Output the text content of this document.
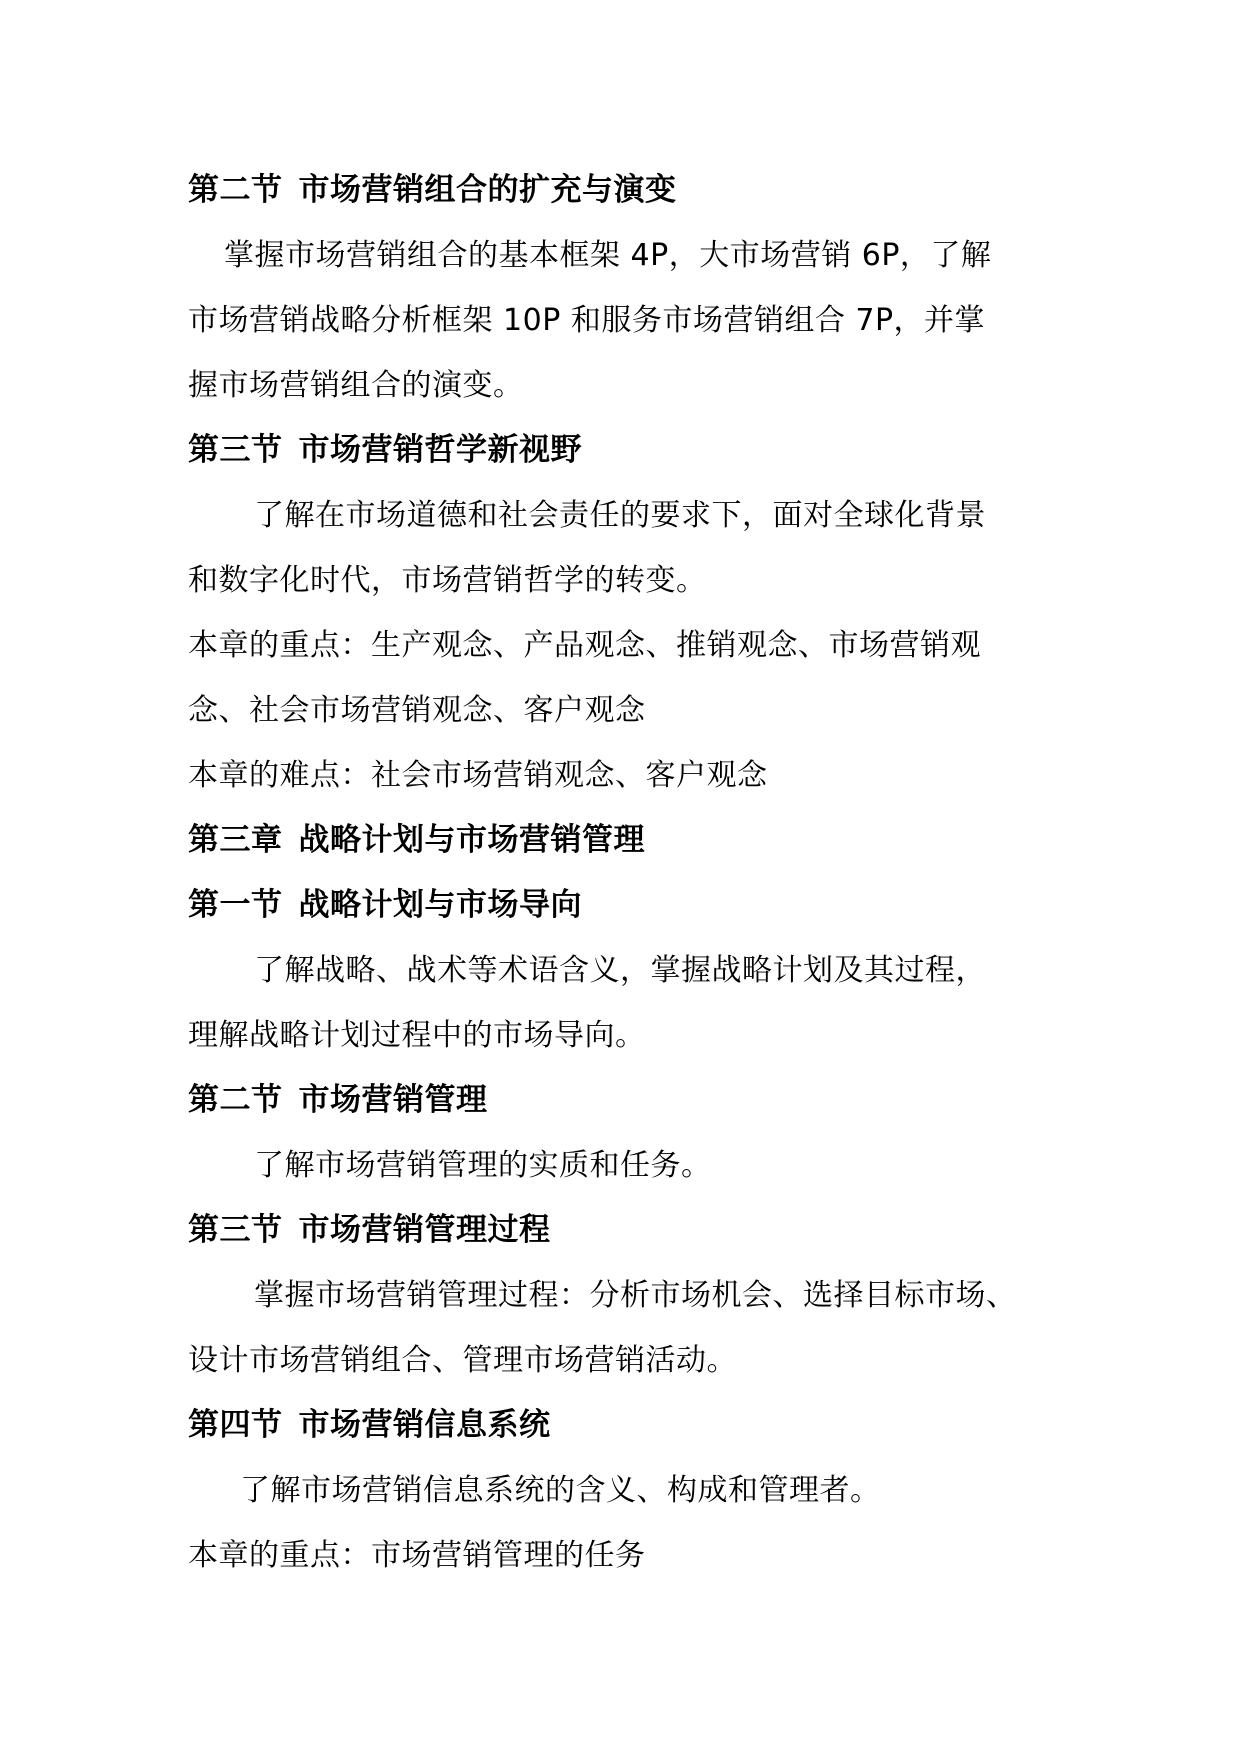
第二节 市场营销组合的扩充与演变
掌握市场营销组合的基本框架 4P，大市场营销 6P，了解
市场营销战略分析框架 10P 和服务市场营销组合 7P，并掌
握市场营销组合的演变。
第三节 市场营销哲学新视野
了解在市场道德和社会责任的要求下，面对全球化背景
和数字化时代，市场营销哲学的转变。
本章的重点：生产观念、产品观念、推销观念、市场营销观
念、社会市场营销观念、客户观念
本章的难点：社会市场营销观念、客户观念
第三章 战略计划与市场营销管理
第一节 战略计划与市场导向
了解战略、战术等术语含义，掌握战略计划及其过程，
理解战略计划过程中的市场导向。
第二节 市场营销管理
了解市场营销管理的实质和任务。
第三节 市场营销管理过程
掌握市场营销管理过程：分析市场机会、选择目标市场、
设计市场营销组合、管理市场营销活动。
第四节 市场营销信息系统
了解市场营销信息系统的含义、构成和管理者。
本章的重点：市场营销管理的任务
